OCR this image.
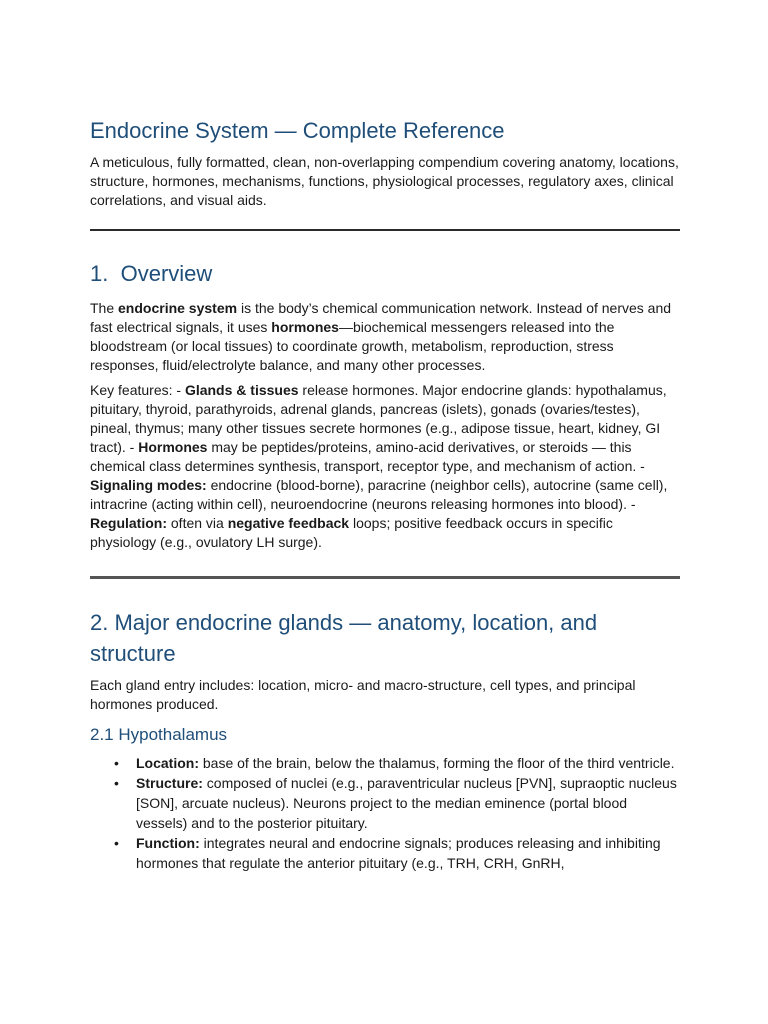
Endocrine System — Complete Reference

A meticulous, fully formatted, clean, non-overlapping compendium covering anatomy, locations, structure, hormones, mechanisms, functions, physiological processes, regulatory axes, clinical correlations, and visual aids.

1. Overview

The endocrine system is the body’s chemical communication network. Instead of nerves and fast electrical signals, it uses hormones—biochemical messengers released into the bloodstream (or local tissues) to coordinate growth, metabolism, reproduction, stress responses, fluid/electrolyte balance, and many other processes.

Key features: - Glands & tissues release hormones. Major endocrine glands: hypothalamus, pituitary, thyroid, parathyroids, adrenal glands, pancreas (islets), gonads (ovaries/testes), pineal, thymus; many other tissues secrete hormones (e.g., adipose tissue, heart, kidney, GI tract). - Hormones may be peptides/proteins, amino-acid derivatives, or steroids — this chemical class determines synthesis, transport, receptor type, and mechanism of action. - Signaling modes: endocrine (blood-borne), paracrine (neighbor cells), autocrine (same cell), intracrine (acting within cell), neuroendocrine (neurons releasing hormones into blood). - Regulation: often via negative feedback loops; positive feedback occurs in specific physiology (e.g., ovulatory LH surge).

2. Major endocrine glands — anatomy, location, and structure

Each gland entry includes: location, micro- and macro-structure, cell types, and principal hormones produced.

2.1 Hypothalamus
• Location: base of the brain, below the thalamus, forming the floor of the third ventricle.
• Structure: composed of nuclei (e.g., paraventricular nucleus [PVN], supraoptic nucleus [SON], arcuate nucleus). Neurons project to the median eminence (portal blood vessels) and to the posterior pituitary.
• Function: integrates neural and endocrine signals; produces releasing and inhibiting hormones that regulate the anterior pituitary (e.g., TRH, CRH, GnRH,
